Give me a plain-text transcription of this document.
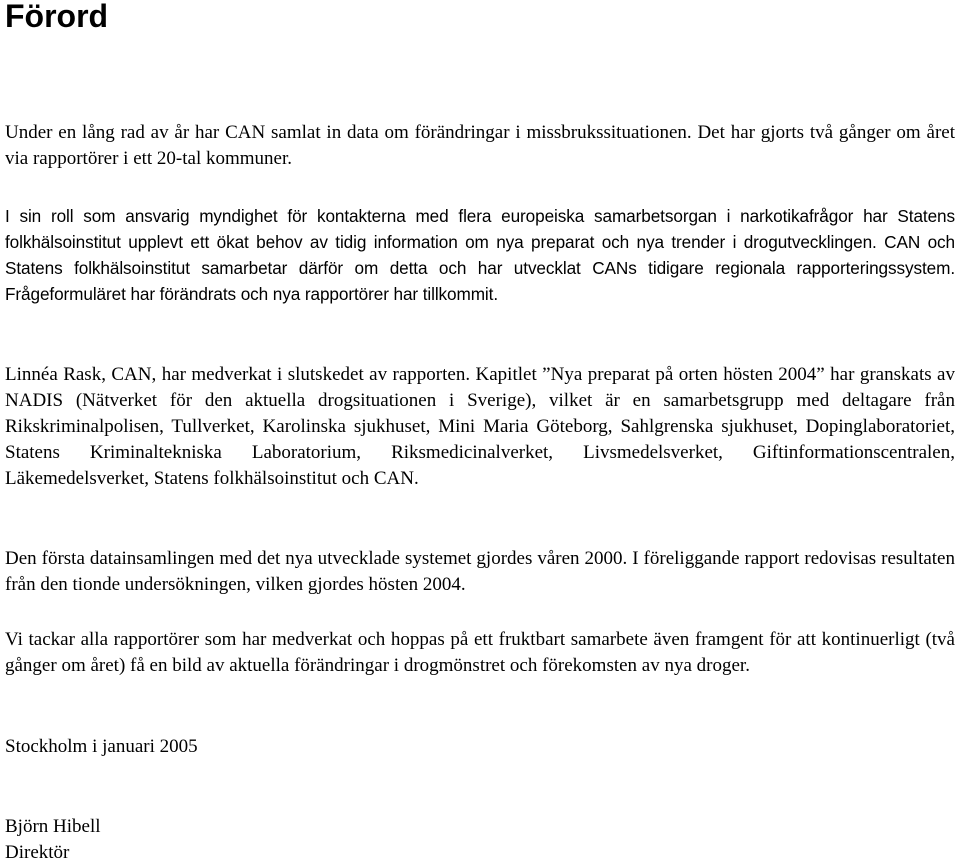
Förord

Under en lång rad av år har CAN samlat in data om förändringar i missbrukssituationen. Det har gjorts två gånger om året via rapportörer i ett 20-tal kommuner.

I sin roll som ansvarig myndighet för kontakterna med flera europeiska samarbetsorgan i narkotikafrågor har Statens folkhälsoinstitut upplevt ett ökat behov av tidig information om nya preparat och nya trender i drogutvecklingen. CAN och Statens folkhälsoinstitut samarbetar därför om detta och har utvecklat CANs tidigare regionala rapporteringssystem. Frågeformuläret har förändrats och nya rapportörer har tillkommit.

Linnéa Rask, CAN, har medverkat i slutskedet av rapporten. Kapitlet ”Nya preparat på orten hösten 2004” har granskats av NADIS (Nätverket för den aktuella drogsituationen i Sverige), vilket är en samarbetsgrupp med deltagare från Rikskriminalpolisen, Tullverket, Karolinska sjukhuset, Mini Maria Göteborg, Sahlgrenska sjukhuset, Dopinglaboratoriet, Statens Kriminaltekniska Laboratorium, Riksmedicinalverket, Livsmedelsverket, Giftinformationscentralen, Läkemedelsverket, Statens folkhälsoinstitut och CAN.

Den första datainsamlingen med det nya utvecklade systemet gjordes våren 2000. I föreliggande rapport redovisas resultaten från den tionde undersökningen, vilken gjordes hösten 2004.

Vi tackar alla rapportörer som har medverkat och hoppas på ett fruktbart samarbete även framgent för att kontinuerligt (två gånger om året) få en bild av aktuella förändringar i drogmönstret och förekomsten av nya droger.

Stockholm i januari 2005

Björn Hibell
Direktör
